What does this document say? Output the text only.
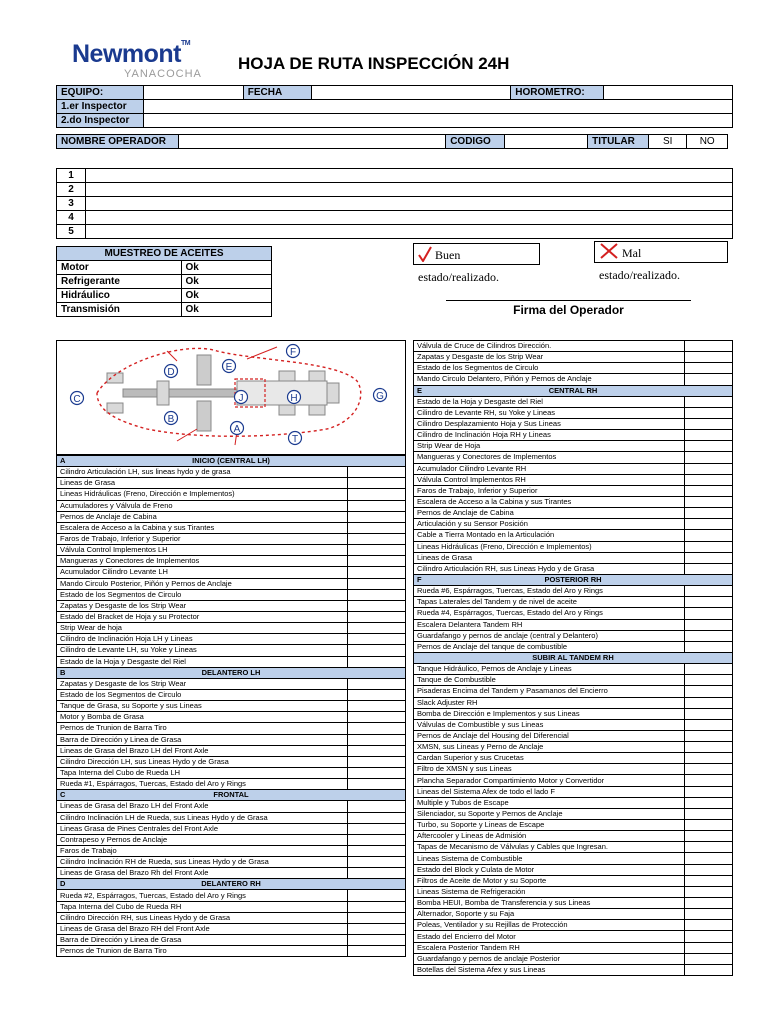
Newmont™
YANACOCHA
HOJA DE RUTA INSPECCIÓN 24H
EQUIPO:		FECHA		HOROMETRO:	
1.er Inspector					
2.do Inspector					
NOMBRE OPERADOR		CODIGO		TITULAR	SI	NO
1	
2	
3	
4	
5	
MUESTREO DE ACEITES	
Motor	Ok
Refrigerante	Ok
Hidráulico	Ok
Transmisión	Ok
Buen estado/realizado.
Mal estado/realizado.
Firma del Operador
C
D
B
E
F
G
H
J
A
T
A INICIO (CENTRAL LH)	
Cilindro Articulación LH, sus lineas hydo y de grasa	
Lineas de Grasa	
Lineas Hidráulicas (Freno, Dirección e Implementos)	
Acumuladores y Válvula de Freno	
Pernos de Anclaje de Cabina	
Escalera de Acceso a la Cabina y sus Tirantes	
Faros de Trabajo, Inferior y Superior	
Válvula Control Implementos LH	
Mangueras y Conectores de Implementos	
Acumulador Cilindro Levante LH	
Mando Circulo Posterior, Piñón y Pernos de Anclaje	
Estado de los Segmentos de Circulo	
Zapatas y Desgaste de los Strip Wear	
Estado del Bracket de Hoja y su Protector	
Strip Wear de hoja	
Cilindro de Inclinación Hoja LH y Lineas	
Cilindro de Levante LH, su Yoke y Lineas	
Estado de la Hoja y Desgaste del Riel	

B DELANTERO LH	
Zapatas y Desgaste de los Strip Wear	
Estado de los Segmentos de Circulo	
Tanque de Grasa, su Soporte y sus Lineas	
Motor y Bomba de Grasa	
Pernos de Trunion de Barra Tiro	
Barra de Dirección y Linea de Grasa	
Lineas de Grasa del Brazo LH del Front Axle	
Cilindro Dirección LH, sus Lineas Hydo y de Grasa	
Tapa Interna del Cubo de Rueda LH	
Rueda #1, Espárragos, Tuercas, Estado del Aro y Rings	

C FRONTAL	
Lineas de Grasa del Brazo LH del Front Axle	
Cilindro Inclinación LH de Rueda, sus Lineas Hydo y de Grasa	
Lineas Grasa de Pines Centrales del Front Axle	
Contrapeso y Pernos de Anclaje	
Faros de Trabajo	
Cilindro Inclinación RH de Rueda, sus Lineas Hydo y de Grasa	
Lineas de Grasa del Brazo Rh del Front Axle	

D DELANTERO RH	
Rueda #2, Espárragos, Tuercas, Estado del Aro y Rings	
Tapa Interna del Cubo de Rueda RH	
Cilindro Dirección RH, sus Lineas Hydo y de Grasa	
Lineas de Grasa del Brazo RH del Front Axle	
Barra de Dirección y Linea de Grasa	
Pernos de Trunion de Barra Tiro	
Válvula de Cruce de Cilindros Dirección.	
Zapatas y Desgaste de los Strip Wear	
Estado de los Segmentos de Circulo	
Mando Circulo Delantero, Piñón y Pernos de Anclaje	

E CENTRAL RH	
Estado de la Hoja y Desgaste del Riel	
Cilindro de Levante RH, su Yoke y Lineas	
Cilindro Desplazamiento Hoja y Sus Lineas	
Cilindro de Inclinación Hoja RH y Lineas	
Strip Wear de Hoja	
Mangueras y Conectores de Implementos	
Acumulador Cilindro Levante RH	
Válvula Control Implementos RH	
Faros de Trabajo, Inferior y Superior	
Escalera de Acceso a la Cabina y sus Tirantes	
Pernos de Anclaje de Cabina	
Articulación y su Sensor Posición	
Cable a Tierra Montado en la Articulación	
Lineas Hidráulicas (Freno, Dirección e Implementos)	
Lineas de Grasa	
Cilindro Articulación RH, sus Lineas Hydo y de Grasa	

F POSTERIOR RH	
Rueda #6, Espárragos, Tuercas, Estado del Aro y Rings	
Tapas Laterales del Tandem y de nivel de aceite	
Rueda #4, Espárragos, Tuercas, Estado del Aro y Rings	
Escalera Delantera Tandem RH	
Guardafango y pernos de anclaje (central y Delantero)	
Pernos de Anclaje del tanque de combustible	

SUBIR AL TANDEM RH	
Tanque Hidráulico, Pernos de Anclaje y Lineas	
Tanque de Combustible	
Pisaderas Encima del Tandem y Pasamanos del Encierro	
Slack Adjuster RH	
Bomba de Dirección e Implementos y sus Lineas	
Válvulas de Combustible y sus Lineas	
Pernos de Anclaje del Housing del Diferencial	
XMSN, sus Lineas y Perno de Anclaje	
Cardan Superior y sus Crucetas	
Filtro de XMSN y sus Lineas	
Plancha Separador Compartimiento Motor y Convertidor	
Lineas del Sistema Afex de todo el lado F	
Multiple y Tubos de Escape	
Silenciador, su Soporte y Pernos de Anclaje	
Turbo, su Soporte y Lineas de Escape	
Aftercooler y Lineas de Admisión	
Tapas de Mecanismo de Válvulas y Cables que Ingresan.	
Lineas Sistema de Combustible	
Estado del Block y Culata de Motor	
Filtros de Aceite de Motor y su Soporte	
Lineas Sistema de Refrigeración	
Bomba HEUI, Bomba de Transferencia y sus Lineas	
Alternador, Soporte y su Faja	
Poleas, Ventilador y su Rejillas de Protección	
Estado del Encierro del Motor	
Escalera Posterior Tandem RH	
Guardafango y pernos de anclaje Posterior	
Botellas del Sistema Afex y sus Lineas	
